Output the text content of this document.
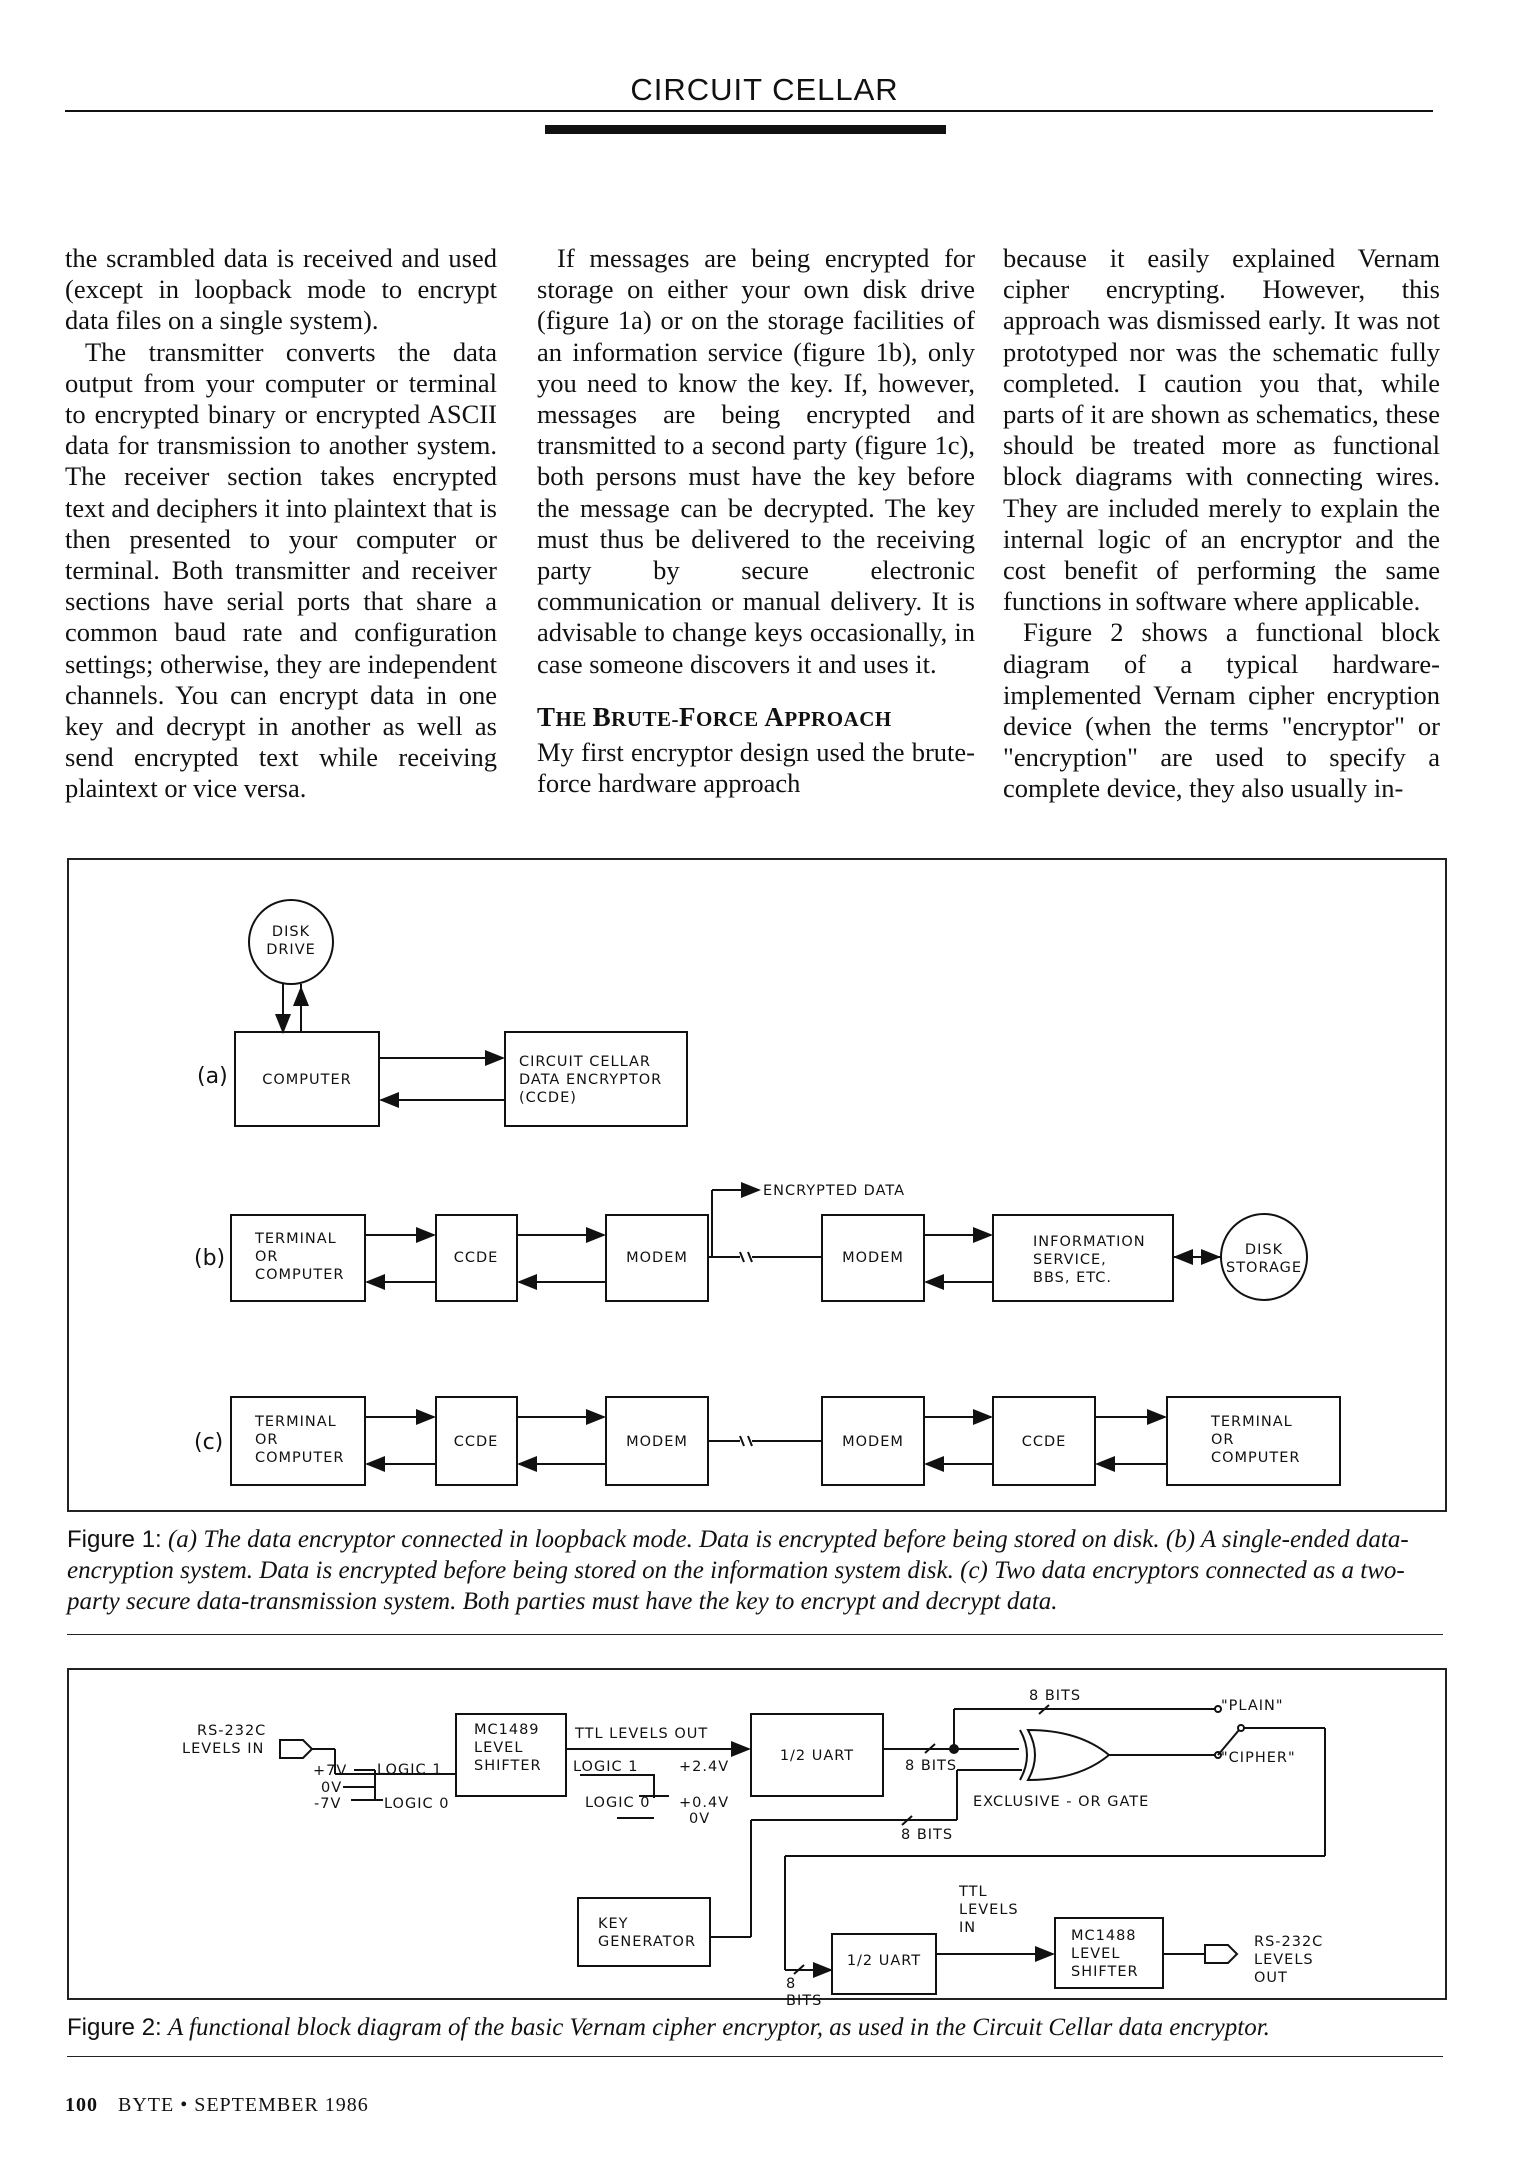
CIRCUIT CELLAR

the scrambled data is received and used (except in loopback mode to encrypt data files on a single system).

The transmitter converts the data output from your computer or terminal to encrypted binary or encrypted ASCII data for transmission to another system. The receiver section takes encrypted text and deciphers it into plaintext that is then presented to your computer or terminal. Both transmitter and receiver sections have serial ports that share a common baud rate and configuration settings; otherwise, they are independent channels. You can encrypt data in one key and decrypt in another as well as send encrypted text while receiving plaintext or vice versa.

If messages are being encrypted for storage on either your own disk drive (figure 1a) or on the storage facilities of an information service (figure 1b), only you need to know the key. If, however, messages are being encrypted and transmitted to a second party (figure 1c), both persons must have the key before the message can be decrypted. The key must thus be delivered to the receiving party by secure electronic communication or manual delivery. It is advisable to change keys occasionally, in case someone discovers it and uses it.

THE BRUTE-FORCE APPROACH

My first encryptor design used the brute-force hardware approach

because it easily explained Vernam cipher encrypting. However, this approach was dismissed early. It was not prototyped nor was the schematic fully completed. I caution you that, while parts of it are shown as schematics, these should be treated more as functional block diagrams with connecting wires. They are included merely to explain the internal logic of an encryptor and the cost benefit of performing the same functions in software where applicable.

Figure 2 shows a functional block diagram of a typical hardware-implemented Vernam cipher encryption device (when the terms "encryptor" or "encryption" are used to specify a complete device, they also usually in-

(a)
(b)
(c)
DISK
DRIVE
COMPUTER
CIRCUIT CELLAR
DATA ENCRYPTOR
(CCDE)
ENCRYPTED DATA
TERMINAL
OR
COMPUTER
CCDE	MODEM	MODEM
INFORMATION
SERVICE,
BBS, ETC.
DISK
STORAGE
TERMINAL
OR
COMPUTER
CCDE	MODEM	MODEM	CCDE
TERMINAL
OR
COMPUTER
Figure 1: (a) The data encryptor connected in loopback mode. Data is encrypted before being stored on disk. (b) A single-ended data-encryption system. Data is encrypted before being stored on the information system disk. (c) Two data encryptors connected as a two-party secure data-transmission system. Both parties must have the key to encrypt and decrypt data.
RS-232C
LEVELS IN
+7V
0V
-7V
LOGIC 1
LOGIC 0
MC1489
LEVEL
SHIFTER
TTL LEVELS OUT
LOGIC 1	+2.4V
LOGIC 0 +0.4V
0V
1/2 UART
8 BITS
8 BITS
"PLAIN"
"CIPHER"
EXCLUSIVE - OR GATE
8 BITS
KEY
GENERATOR
8
BITS
1/2 UART
TTL
LEVELS
IN	MC1488
LEVEL
SHIFTER
RS-232C
LEVELS
OUT
Figure 2: A functional block diagram of the basic Vernam cipher encryptor, as used in the Circuit Cellar data encryptor.
100 BYTE • SEPTEMBER 1986
